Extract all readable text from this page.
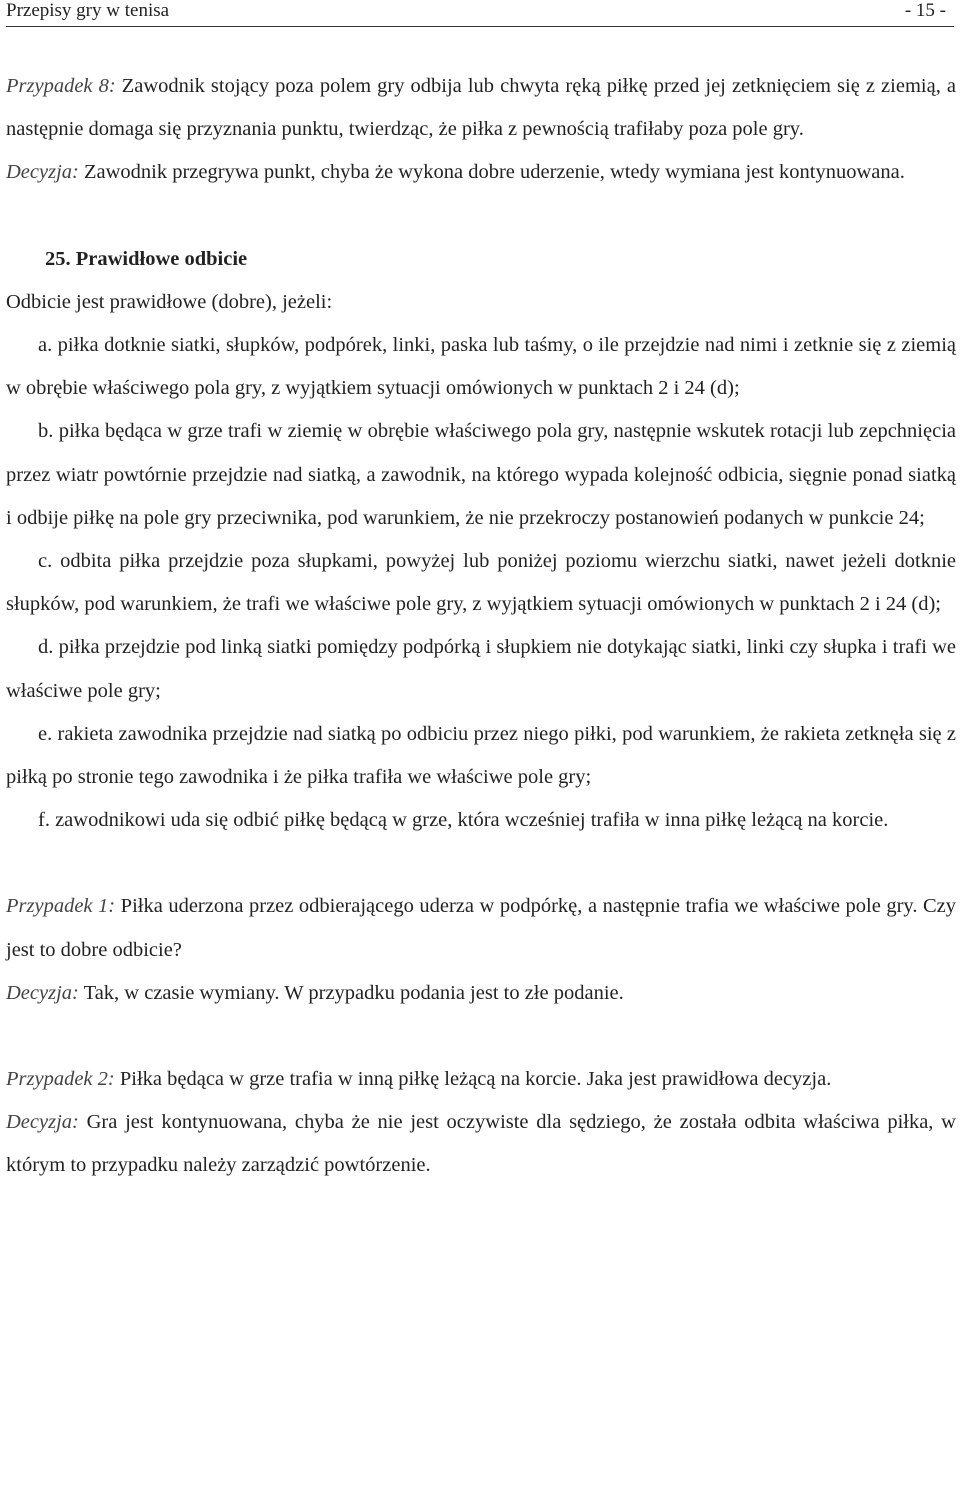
Przepisy gry w tenisa	- 15 -

Przypadek 8: Zawodnik stojący poza polem gry odbija lub chwyta ręką piłkę przed jej zetknięciem się z ziemią, a następnie domaga się przyznania punktu, twierdząc, że piłka z pewnością trafiłaby poza pole gry.

Decyzja: Zawodnik przegrywa punkt, chyba że wykona dobre uderzenie, wtedy wymiana jest kontynuowana.

25. Prawidłowe odbicie

Odbicie jest prawidłowe (dobre), jeżeli:

a. piłka dotknie siatki, słupków, podpórek, linki, paska lub taśmy, o ile przejdzie nad nimi i zetknie się z ziemią w obrębie właściwego pola gry, z wyjątkiem sytuacji omówionych w punktach 2 i 24 (d);

b. piłka będąca w grze trafi w ziemię w obrębie właściwego pola gry, następnie wskutek rotacji lub zepchnięcia przez wiatr powtórnie przejdzie nad siatką, a zawodnik, na którego wypada kolejność odbicia, sięgnie ponad siatką i odbije piłkę na pole gry przeciwnika, pod warunkiem, że nie przekroczy postanowień podanych w punkcie 24;

c. odbita piłka przejdzie poza słupkami, powyżej lub poniżej poziomu wierzchu siatki, nawet jeżeli dotknie słupków, pod warunkiem, że trafi we właściwe pole gry, z wyjątkiem sytuacji omówionych w punktach 2 i 24 (d);

d. piłka przejdzie pod linką siatki pomiędzy podpórką i słupkiem nie dotykając siatki, linki czy słupka i trafi we właściwe pole gry;

e. rakieta zawodnika przejdzie nad siatką po odbiciu przez niego piłki, pod warunkiem, że rakieta zetknęła się z piłką po stronie tego zawodnika i że piłka trafiła we właściwe pole gry;

f. zawodnikowi uda się odbić piłkę będącą w grze, która wcześniej trafiła w inna piłkę leżącą na korcie.

Przypadek 1: Piłka uderzona przez odbierającego uderza w podpórkę, a następnie trafia we właściwe pole gry. Czy jest to dobre odbicie?

Decyzja: Tak, w czasie wymiany. W przypadku podania jest to złe podanie.

Przypadek 2: Piłka będąca w grze trafia w inną piłkę leżącą na korcie. Jaka jest prawidłowa decyzja.

Decyzja: Gra jest kontynuowana, chyba że nie jest oczywiste dla sędziego, że została odbita właściwa piłka, w którym to przypadku należy zarządzić powtórzenie.
